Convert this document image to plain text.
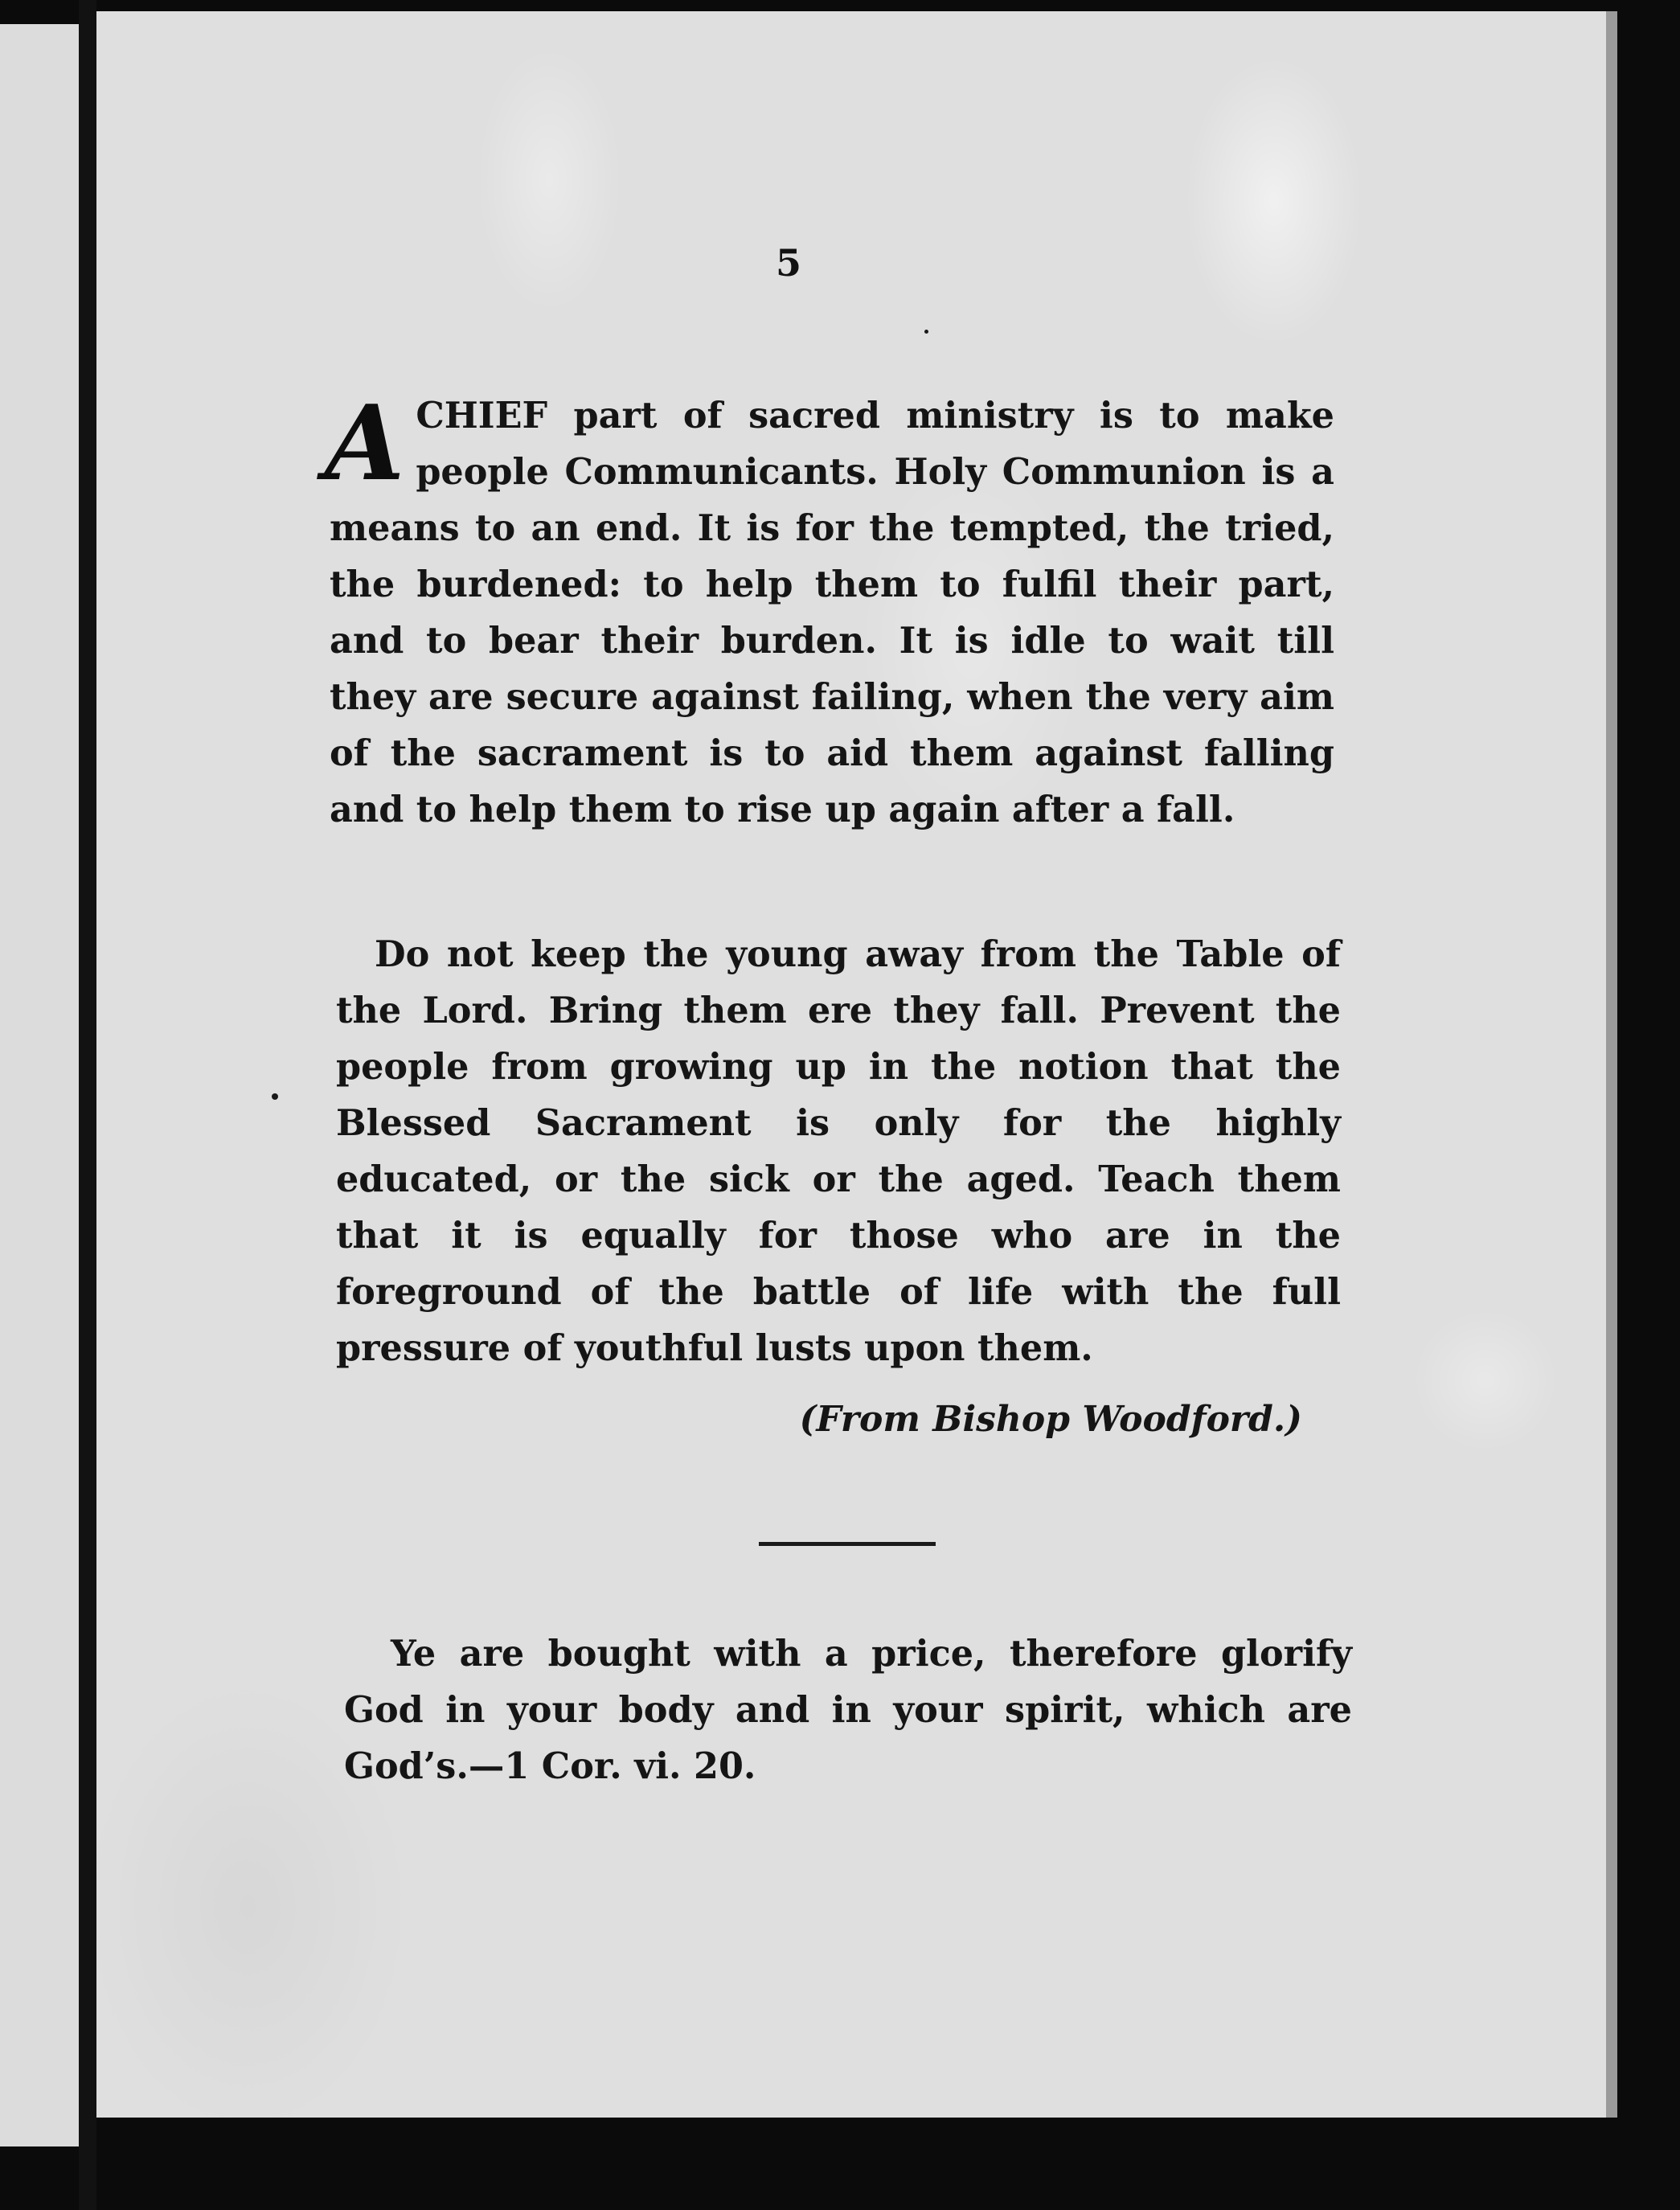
5
ACHIEF part of sacred ministry is to make people Communicants. Holy Communion is a means to an end. It is for the tempted, the tried, the burdened: to help them to fulfil their part, and to bear their burden. It is idle to wait till they are secure against failing, when the very aim of the sacrament is to aid them against falling and to help them to rise up again after a fall.
Do not keep the young away from the Table of the Lord. Bring them ere they fall. Prevent the people from growing up in the notion that the Blessed Sacrament is only for the highly educated, or the sick or the aged. Teach them that it is equally for those who are in the foreground of the battle of life with the full pressure of youthful lusts upon them.
(From Bishop Woodford.)
Ye are bought with a price, therefore glorify God in your body and in your spirit, which are God’s.—1 Cor. vi. 20.
